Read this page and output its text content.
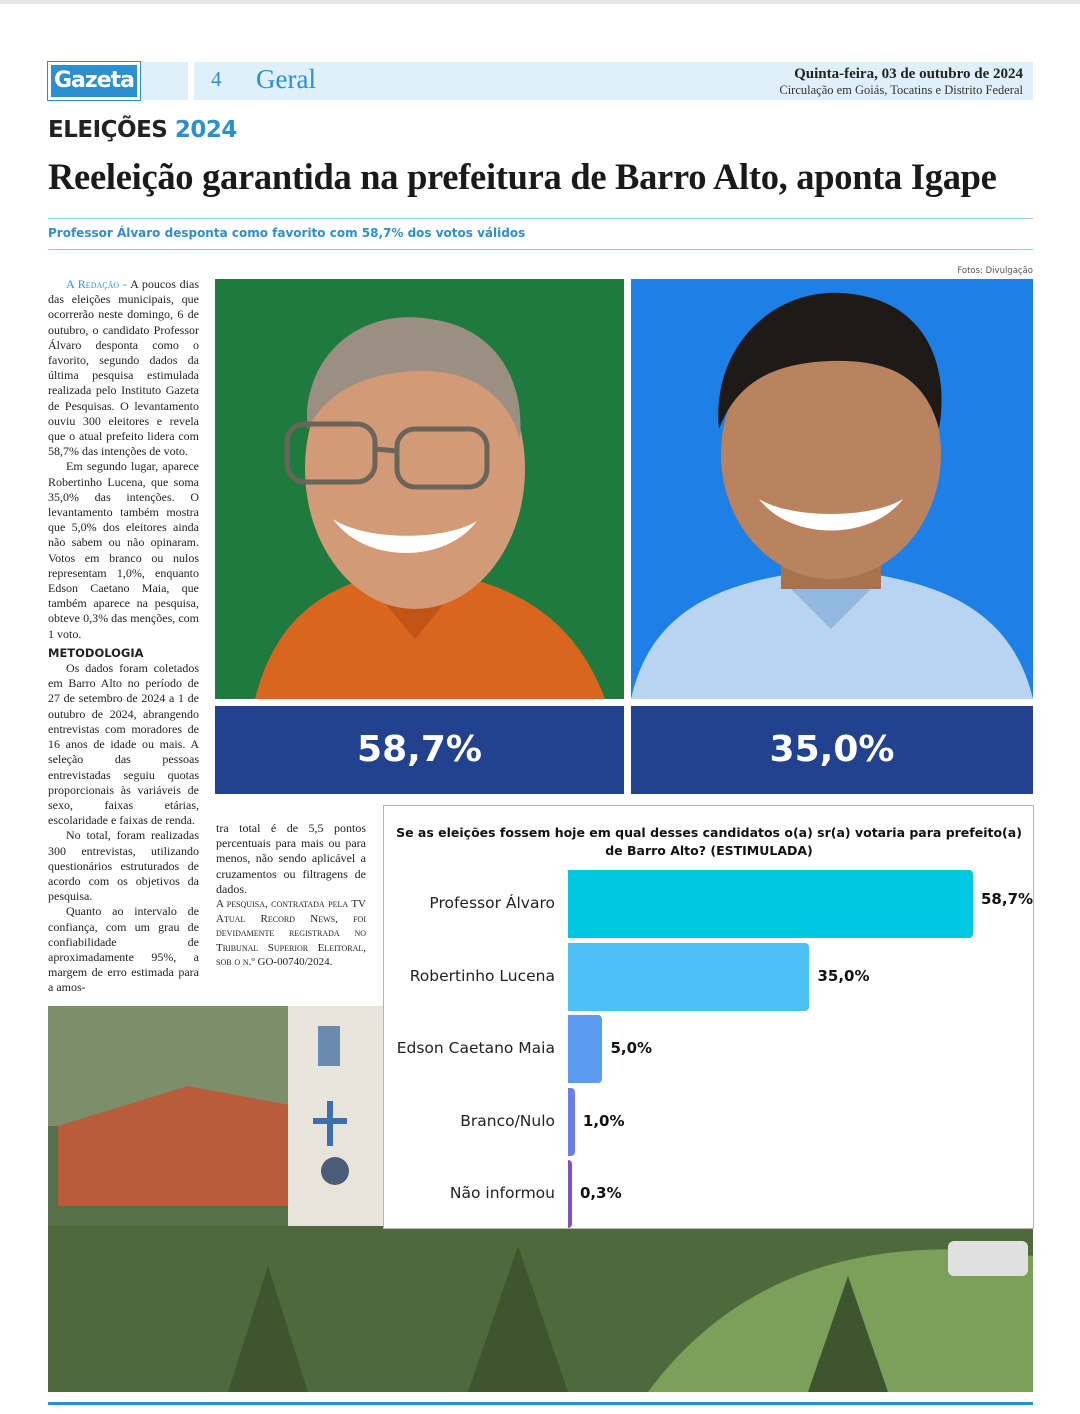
Gazeta	4 Geral	Quinta-feira, 03 de outubro de 2024
Circulação em Goiás, Tocatins e Distrito Federal
ELEIÇÕES 2024
Reeleição garantida na prefeitura de Barro Alto, aponta Igape
Professor Álvaro desponta como favorito com 58,7% dos votos válidos
Fotos: Divulgação

A Redação - A poucos dias das eleições municipais, que ocorrerão neste domingo, 6 de outubro, o candidato Professor Álvaro desponta como o favorito, segundo dados da última pesquisa estimulada realizada pelo Instituto Gazeta de Pesquisas. O levantamento ouviu 300 eleitores e revela que o atual prefeito lidera com 58,7% das intenções de voto.

Em segundo lugar, aparece Robertinho Lucena, que soma 35,0% das intenções. O levantamento também mostra que 5,0% dos eleitores ainda não sabem ou não opinaram. Votos em branco ou nulos representam 1,0%, enquanto Edson Caetano Maia, que também aparece na pesquisa, obteve 0,3% das menções, com 1 voto.

METODOLOGIA

Os dados foram coletados em Barro Alto no período de 27 de setembro de 2024 a 1 de outubro de 2024, abrangendo entrevistas com moradores de 16 anos de idade ou mais. A seleção das pessoas entrevistadas seguiu quotas proporcionais às variáveis de sexo, faixas etárias, escolaridade e faixas de renda.

No total, foram realizadas 300 entrevistas, utilizando questionários estruturados de acordo com os objetivos da pesquisa.

Quanto ao intervalo de confiança, com um grau de confiabilidade de aproximadamente 95%, a margem de erro estimada para a amos-

tra total é de 5,5 pontos percentuais para mais ou para menos, não sendo aplicável a cruzamentos ou filtragens de dados.

A pesquisa, contratada pela TV Atual Record News, foi devidamente registrada no Tribunal Superior Eleitoral, sob o n.º GO-00740/2024.
58,7%	35,0%
Se as eleições fossem hoje em qual desses candidatos o(a) sr(a) votaria para prefeito(a) de Barro Alto? (ESTIMULADA)
Professor Álvaro	58,7%
Robertinho Lucena	35,0%
Edson Caetano Maia	5,0%
Branco/Nulo 1,0%
Não informou 0,3%
